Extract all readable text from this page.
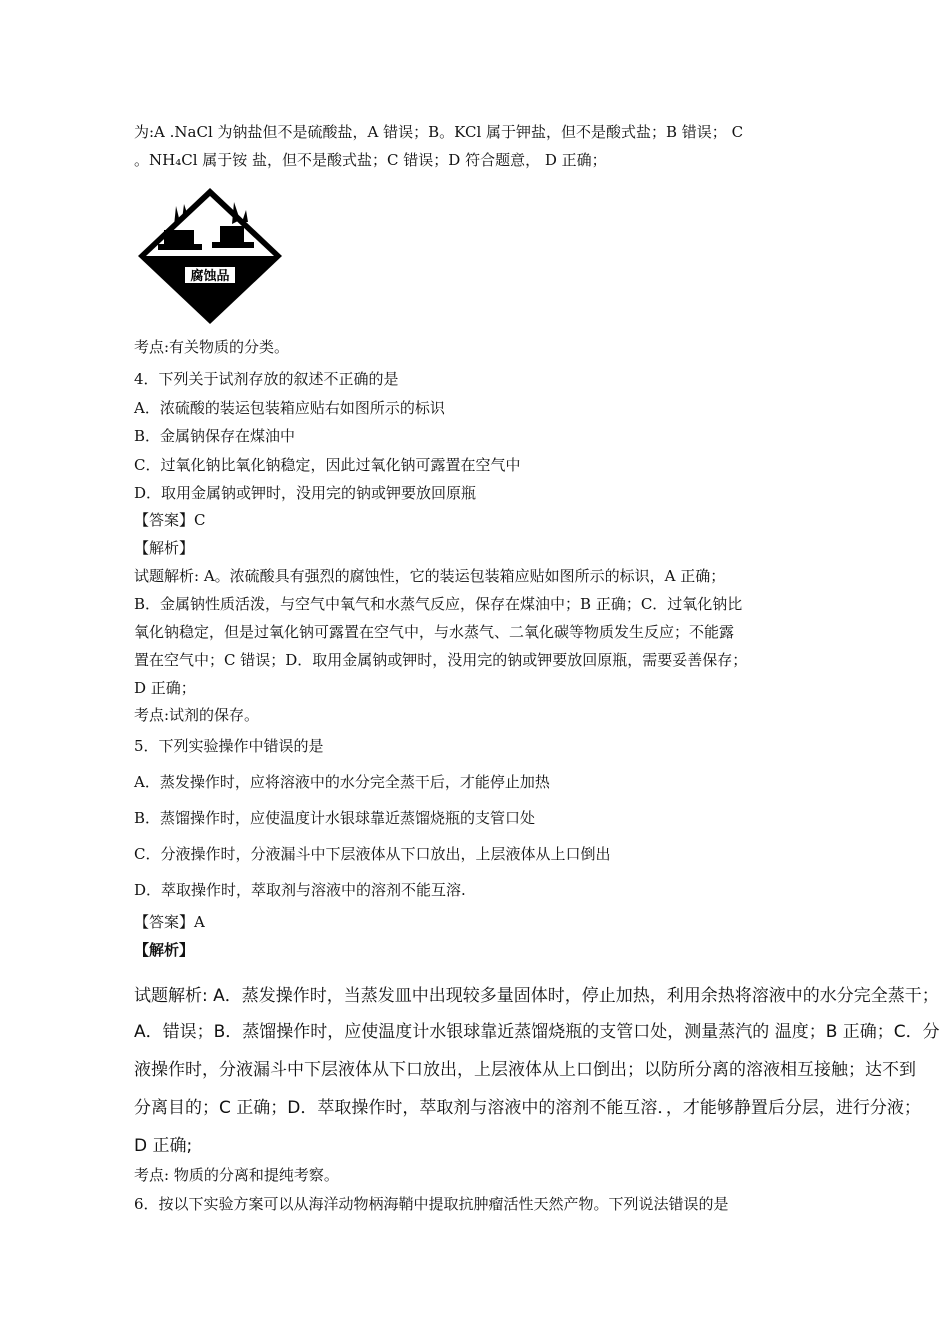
为:A .NaCl 为钠盐但不是硫酸盐，A 错误；B。KCl 属于钾盐，但不是酸式盐；B 错误； C
。NH₄Cl 属于铵 盐，但不是酸式盐；C 错误；D 符合题意， D 正确；
腐蚀品
考点:有关物质的分类。
4．下列关于试剂存放的叙述不正确的是
A．浓硫酸的装运包装箱应贴右如图所示的标识
B．金属钠保存在煤油中
C．过氧化钠比氧化钠稳定，因此过氧化钠可露置在空气中
D．取用金属钠或钾时，没用完的钠或钾要放回原瓶
【答案】C
【解析】
试题解析: A。浓硫酸具有强烈的腐蚀性，它的装运包装箱应贴如图所示的标识，A 正确；
B．金属钠性质活泼，与空气中氧气和水蒸气反应，保存在煤油中；B 正确；C．过氧化钠比
氧化钠稳定，但是过氧化钠可露置在空气中，与水蒸气、二氧化碳等物质发生反应；不能露
置在空气中；C 错误；D．取用金属钠或钾时，没用完的钠或钾要放回原瓶，需要妥善保存；
D 正确；
考点:试剂的保存。
5．下列实验操作中错误的是
A．蒸发操作时，应将溶液中的水分完全蒸干后，才能停止加热
B．蒸馏操作时，应使温度计水银球靠近蒸馏烧瓶的支管口处
C．分液操作时，分液漏斗中下层液体从下口放出，上层液体从上口倒出
D．萃取操作时，萃取剂与溶液中的溶剂不能互溶.
【答案】A
【解析】
试题解析: A．蒸发操作时，当蒸发皿中出现较多量固体时，停止加热，利用余热将溶液中的水分完全蒸干；
A．错误；B．蒸馏操作时，应使温度计水银球靠近蒸馏烧瓶的支管口处，测量蒸汽的 温度；B 正确；C．分
液操作时，分液漏斗中下层液体从下口放出，上层液体从上口倒出；以防所分离的溶液相互接触；达不到
分离目的；C 正确；D．萃取操作时，萃取剂与溶液中的溶剂不能互溶．，才能够静置后分层，进行分液；
D 正确;
考点: 物质的分离和提纯考察。
6．按以下实验方案可以从海洋动物柄海鞘中提取抗肿瘤活性天然产物。下列说法错误的是
